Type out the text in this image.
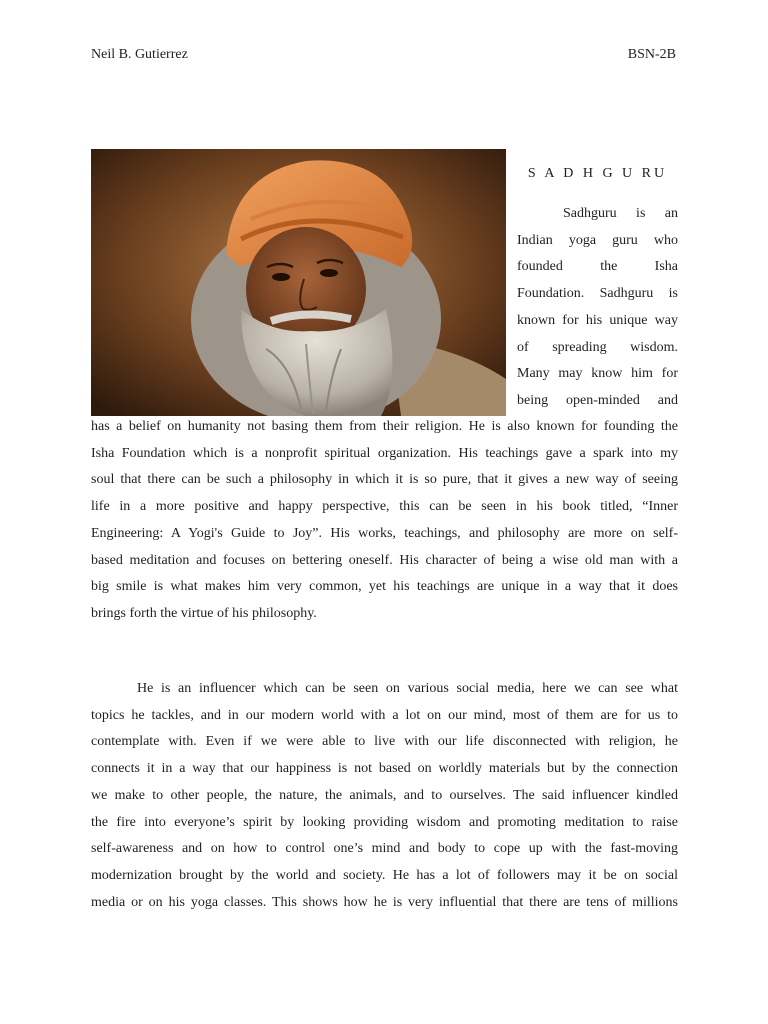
Neil B. Gutierrez	BSN-2B
S A D H G U RU
Sadhguru is an
Indian yoga guru who
founded the Isha
Foundation. Sadhguru is
known for his unique way
of spreading wisdom.
Many may know him for
being open-minded and
has a belief on humanity not basing them from their religion. He is also known for founding the
Isha Foundation which is a nonprofit spiritual organization. His teachings gave a spark into my
soul that there can be such a philosophy in which it is so pure, that it gives a new way of seeing
life in a more positive and happy perspective, this can be seen in his book titled, “Inner
Engineering: A Yogi's Guide to Joy”. His works, teachings, and philosophy are more on self-
based meditation and focuses on bettering oneself. His character of being a wise old man with a
big smile is what makes him very common, yet his teachings are unique in a way that it does
brings forth the virtue of his philosophy.
He is an influencer which can be seen on various social media, here we can see what
topics he tackles, and in our modern world with a lot on our mind, most of them are for us to
contemplate with. Even if we were able to live with our life disconnected with religion, he
connects it in a way that our happiness is not based on worldly materials but by the connection
we make to other people, the nature, the animals, and to ourselves. The said influencer kindled
the fire into everyone’s spirit by looking providing wisdom and promoting meditation to raise
self-awareness and on how to control one’s mind and body to cope up with the fast-moving
modernization brought by the world and society. He has a lot of followers may it be on social
media or on his yoga classes. This shows how he is very influential that there are tens of millions
